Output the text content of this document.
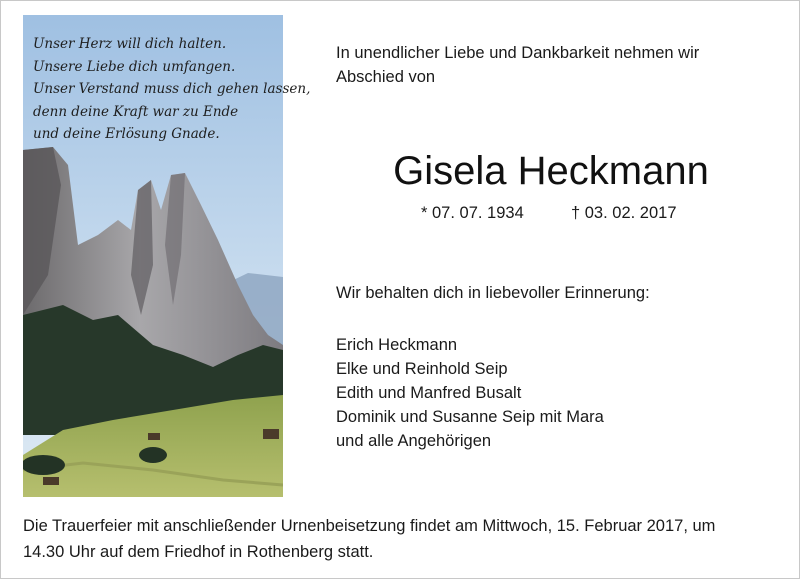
Unser Herz will dich halten.
Unsere Liebe dich umfangen.
Unser Verstand muss dich gehen lassen,
denn deine Kraft war zu Ende
und deine Erlösung Gnade.
In unendlicher Liebe und Dankbarkeit nehmen wir
Abschied von
Gisela Heckmann
* 07. 07. 1934	† 03. 02. 2017
Wir behalten dich in liebevoller Erinnerung:
Erich Heckmann
Elke und Reinhold Seip
Edith und Manfred Busalt
Dominik und Susanne Seip mit Mara
und alle Angehörigen
Die Trauerfeier mit anschließender Urnenbeisetzung findet am Mittwoch, 15. Februar 2017, um
14.30 Uhr auf dem Friedhof in Rothenberg statt.
